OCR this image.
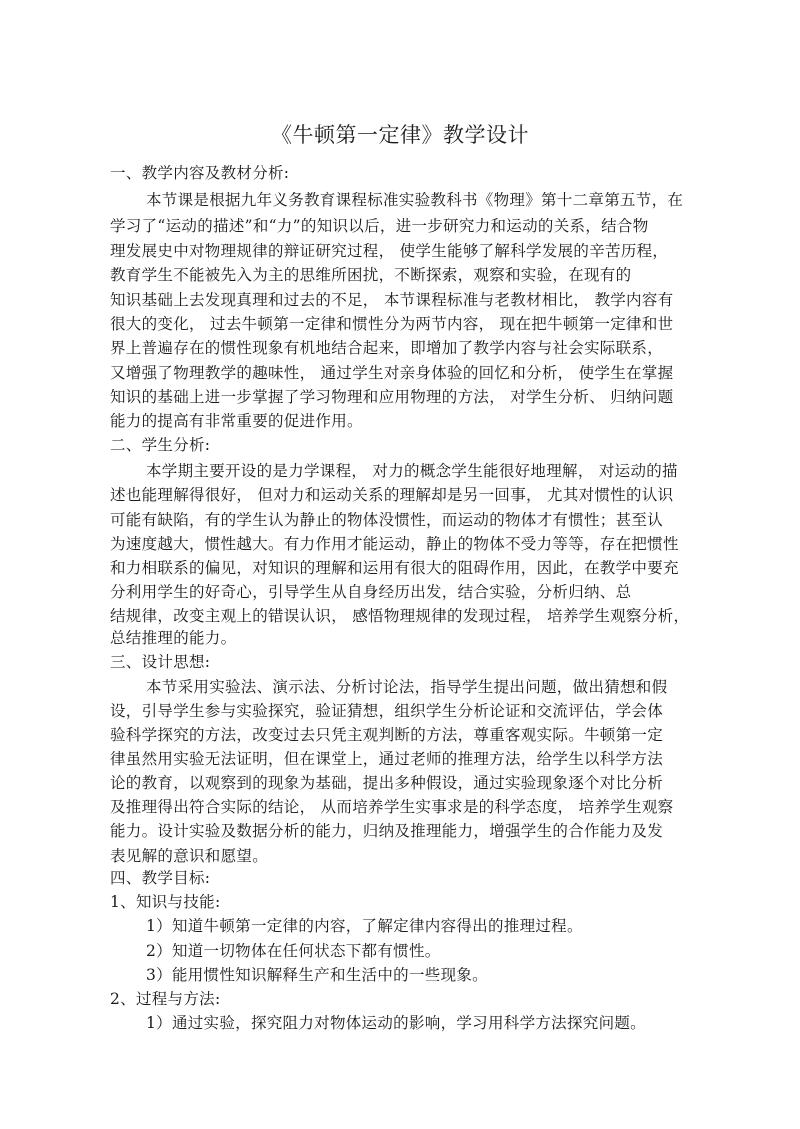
《牛顿第一定律》教学设计
一、教学内容及教材分析:
本节课是根据九年义务教育课程标准实验教科书《物理》第十二章第五节，在
学习了“运动的描述”和“力”的知识以后，进一步研究力和运动的关系，结合物
理发展史中对物理规律的辩证研究过程， 使学生能够了解科学发展的辛苦历程，
教育学生不能被先入为主的思维所困扰，不断探索，观察和实验，在现有的
知识基础上去发现真理和过去的不足， 本节课程标准与老教材相比， 教学内容有
很大的变化， 过去牛顿第一定律和惯性分为两节内容， 现在把牛顿第一定律和世
界上普遍存在的惯性现象有机地结合起来，即增加了教学内容与社会实际联系，
又增强了物理教学的趣味性， 通过学生对亲身体验的回忆和分析， 使学生在掌握
知识的基础上进一步掌握了学习物理和应用物理的方法， 对学生分析、 归纳问题
能力的提高有非常重要的促进作用。
二、学生分析:
本学期主要开设的是力学课程， 对力的概念学生能很好地理解， 对运动的描
述也能理解得很好， 但对力和运动关系的理解却是另一回事， 尤其对惯性的认识
可能有缺陷，有的学生认为静止的物体没惯性，而运动的物体才有惯性；甚至认
为速度越大，惯性越大。有力作用才能运动，静止的物体不受力等等，存在把惯性
和力相联系的偏见，对知识的理解和运用有很大的阻碍作用，因此，在教学中要充
分利用学生的好奇心，引导学生从自身经历出发，结合实验，分析归纳、总
结规律，改变主观上的错误认识， 感悟物理规律的发现过程， 培养学生观察分析，
总结推理的能力。
三、设计思想:
本节采用实验法、演示法、分析讨论法，指导学生提出问题，做出猜想和假
设，引导学生参与实验探究，验证猜想，组织学生分析论证和交流评估，学会体
验科学探究的方法，改变过去只凭主观判断的方法，尊重客观实际。牛顿第一定
律虽然用实验无法证明，但在课堂上，通过老师的推理方法，给学生以科学方法
论的教育，以观察到的现象为基础，提出多种假设，通过实验现象逐个对比分析
及推理得出符合实际的结论， 从而培养学生实事求是的科学态度， 培养学生观察
能力。设计实验及数据分析的能力，归纳及推理能力，增强学生的合作能力及发
表见解的意识和愿望。
四、教学目标:
1、知识与技能:
1）知道牛顿第一定律的内容，了解定律内容得出的推理过程。
2）知道一切物体在任何状态下都有惯性。
3）能用惯性知识解释生产和生活中的一些现象。
2、过程与方法:
1）通过实验，探究阻力对物体运动的影响，学习用科学方法探究问题。
